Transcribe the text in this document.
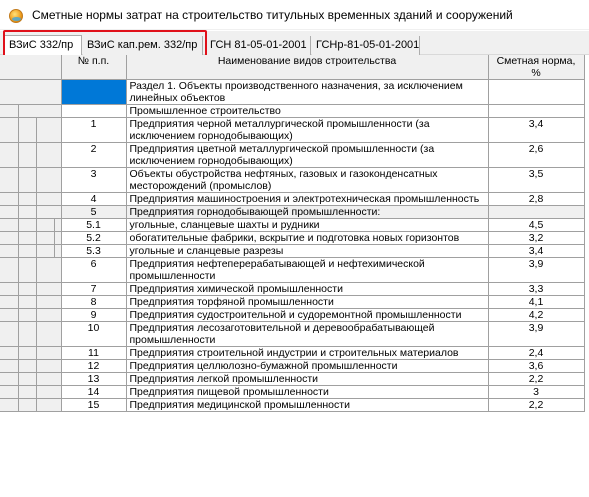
Сметные нормы затрат на строительство титульных временных зданий и сооружений
ВЗиС 332/пр	ВЗиС кап.рем. 332/пр	ГСН 81-05-01-2001 ГСНр-81-05-01-2001
				№ п.п.	Наименование видов строительства	Сметная норма, %
					Раздел 1. Объекты производственного назначения, за исключением линейных объектов	
					Промышленное строительство	
				1	Предприятия черной металлургической промышленности (за исключением горнодобывающих)	3,4
				2	Предприятия цветной металлургической промышленности (за исключением горнодобывающих)	2,6
				3	Объекты обустройства нефтяных, газовых и газоконденсатных месторождений (промыслов)	3,5
				4	Предприятия машиностроения и электротехническая промышленность	2,8
				5	Предприятия горнодобывающей промышленности:	
				5.1	угольные, сланцевые шахты и рудники	4,5
				5.2	обогатительные фабрики, вскрытие и подготовка новых горизонтов	3,2
				5.3	угольные и сланцевые разрезы	3,4
				6	Предприятия нефтеперерабатывающей и нефтехимической промышленности	3,9
				7	Предприятия химической промышленности	3,3
				8	Предприятия торфяной промышленности	4,1
				9	Предприятия судостроительной и судоремонтной промышленности	4,2
				10	Предприятия лесозаготовительной и деревообрабатывающей промышленности	3,9
				11	Предприятия строительной индустрии и строительных материалов	2,4
				12	Предприятия целлюлозно-бумажной промышленности	3,6
				13	Предприятия легкой промышленности	2,2
				14	Предприятия пищевой промышленности	3
				15	Предприятия медицинской промышленности	2,2
